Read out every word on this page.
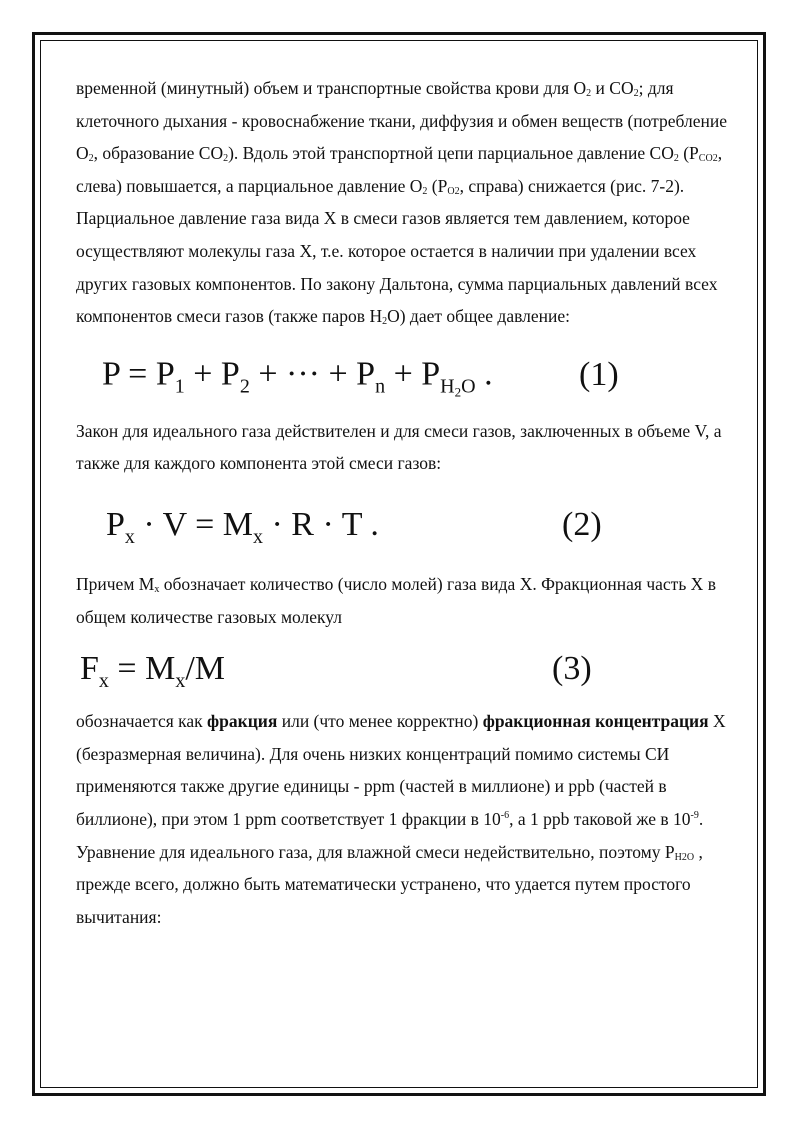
временной (минутный) объем и транспортные свойства крови для $O_2$ и $CO_2$; для клеточного дыхания - кровоснабжение ткани, диффузия и обмен веществ (потребление $O_2$, образование $CO_2$). Вдоль этой транспортной цепи парциальное давление $CO_2$ ($P_{CO2}$, слева) повышается, а парциальное давление $O_2$ ($P_{O2}$, справа) снижается (рис. 7-2).

Парциальное давление газа вида X в смеси газов является тем давлением, которое осуществляют молекулы газа X, т.е. которое остается в наличии при удалении всех других газовых компонентов. По закону Дальтона, сумма парциальных давлений всех компонентов смеси газов (также паров $H_2O$) дает общее давление:

$P = P_1 + P_2$ + ··· + $P_n + P_{H_2O}$ .	(1)

Закон для идеального газа действителен и для смеси газов, заключенных в объеме V, а также для каждого компонента этой смеси газов:

$P_x \cdot V = M_x \cdot R \cdot T$ .	(2)

Причем $M_x$ обозначает количество (число молей) газа вида X. Фракционная часть X в общем количестве газовых молекул

$F_x = M_x/M$	(3)

обозначается как фракция или (что менее корректно) фракционная концентрация X (безразмерная величина). Для очень низких концентраций помимо системы СИ применяются также другие единицы - ppm (частей в миллионе) и ppb (частей в биллионе), при этом 1 ppm соответствует 1 фракции в $10^{-6}$, а 1 ppb таковой же в $10^{-9}$.

Уравнение для идеального газа, для влажной смеси недействительно, поэтому $P_{H2O}$ , прежде всего, должно быть математически устранено, что удается путем простого вычитания:
